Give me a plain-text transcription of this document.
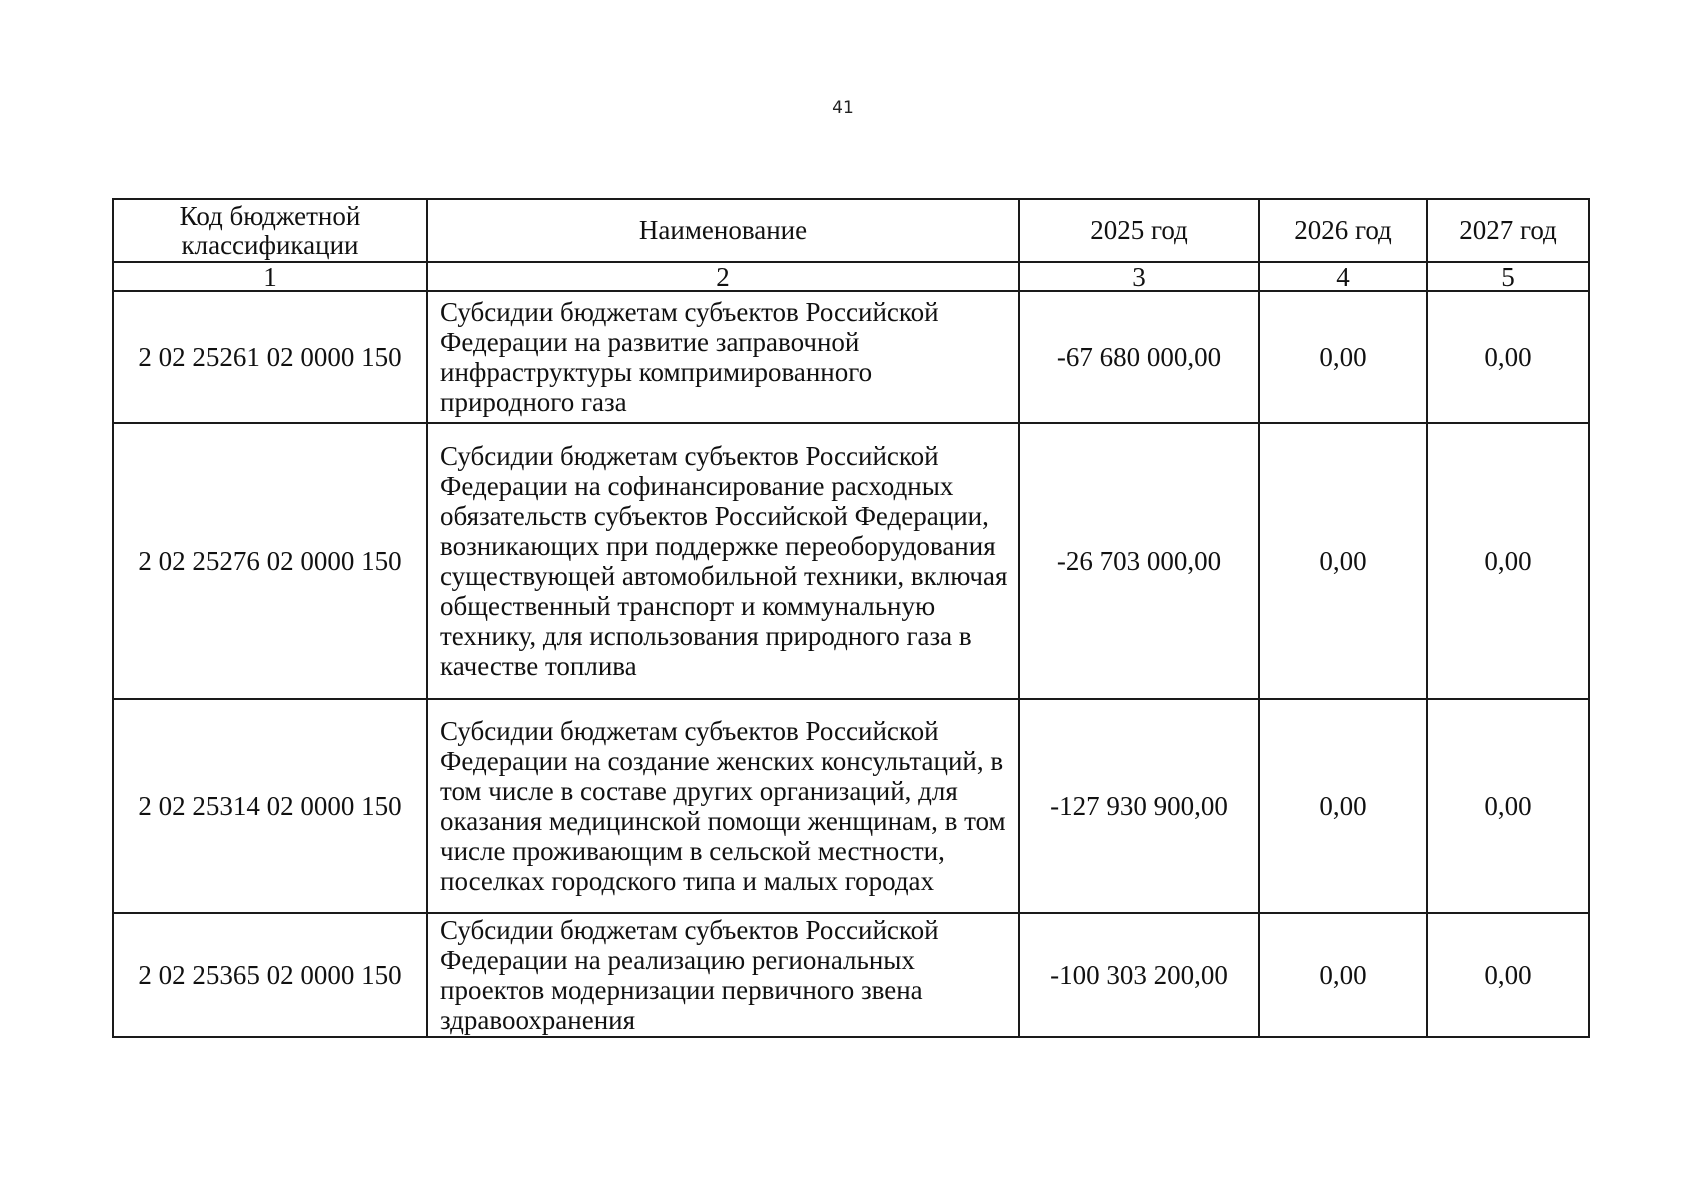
41
Код бюджетной классификации	Наименование	2025 год	2026 год	2027 год
1	2	3	4	5
2 02 25261 02 0000 150	Субсидии бюджетам субъектов Российской Федерации на развитие заправочной инфраструктуры компримированного природного газа	-67 680 000,00	0,00	0,00
2 02 25276 02 0000 150	Субсидии бюджетам субъектов Российской Федерации на софинансирование расходных обязательств субъектов Российской Федерации, возникающих при поддержке переоборудования существующей автомобильной техники, включая общественный транспорт и коммунальную технику, для использования природного газа в качестве топлива	-26 703 000,00	0,00	0,00
2 02 25314 02 0000 150	Субсидии бюджетам субъектов Российской Федерации на создание женских консультаций, в том числе в составе других организаций, для оказания медицинской помощи женщинам, в том числе проживающим в сельской местности, поселках городского типа и малых городах	-127 930 900,00	0,00	0,00
2 02 25365 02 0000 150	Субсидии бюджетам субъектов Российской Федерации на реализацию региональных проектов модернизации первичного звена здравоохранения	-100 303 200,00	0,00	0,00
